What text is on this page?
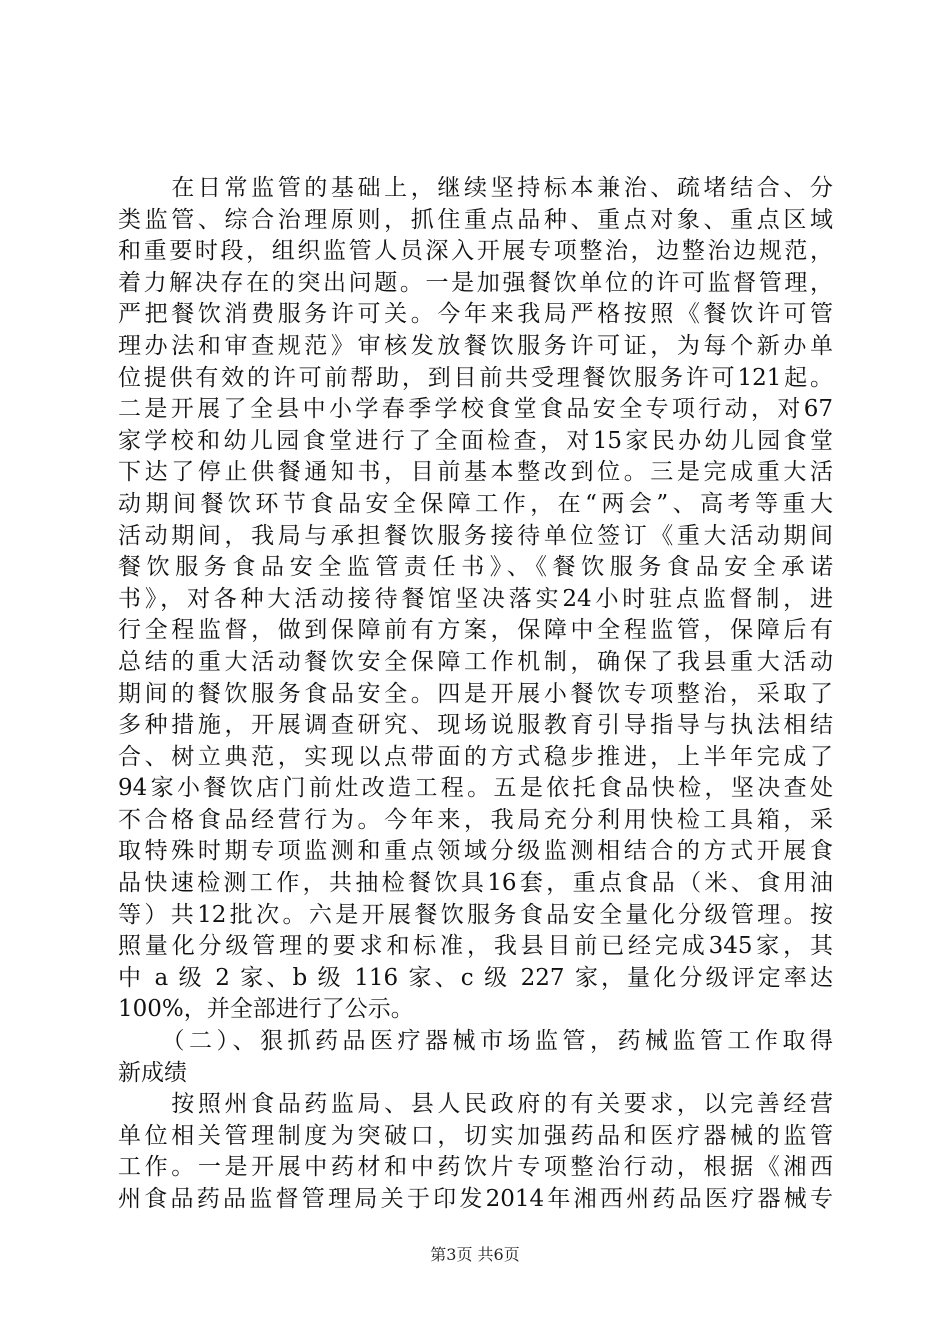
　　在日常监管的基础上，继续坚持标本兼治、疏堵结合、分
类监管、综合治理原则，抓住重点品种、重点对象、重点区域
和重要时段，组织监管人员深入开展专项整治，边整治边规范，
着力解决存在的突出问题。一是加强餐饮单位的许可监督管理，
严把餐饮消费服务许可关。今年来我局严格按照《餐饮许可管
理办法和审查规范》审核发放餐饮服务许可证，为每个新办单
位提供有效的许可前帮助，到目前共受理餐饮服务许可121起。
二是开展了全县中小学春季学校食堂食品安全专项行动，对67
家学校和幼儿园食堂进行了全面检查，对15家民办幼儿园食堂
下达了停止供餐通知书，目前基本整改到位。三是完成重大活
动期间餐饮环节食品安全保障工作，在“两会”、高考等重大
活动期间，我局与承担餐饮服务接待单位签订《重大活动期间
餐饮服务食品安全监管责任书》、《餐饮服务食品安全承诺
书》，对各种大活动接待餐馆坚决落实24小时驻点监督制，进
行全程监督，做到保障前有方案，保障中全程监管，保障后有
总结的重大活动餐饮安全保障工作机制，确保了我县重大活动
期间的餐饮服务食品安全。四是开展小餐饮专项整治，采取了
多种措施，开展调查研究、现场说服教育引导指导与执法相结
合、树立典范，实现以点带面的方式稳步推进，上半年完成了
94家小餐饮店门前灶改造工程。五是依托食品快检，坚决查处
不合格食品经营行为。今年来，我局充分利用快检工具箱，采
取特殊时期专项监测和重点领域分级监测相结合的方式开展食
品快速检测工作，共抽检餐饮具16套，重点食品（米、食用油
等）共12批次。六是开展餐饮服务食品安全量化分级管理。按
照量化分级管理的要求和标准，我县目前已经完成345家，其
中 a 级 2 家、b 级 116 家、c 级 227 家，量化分级评定率达
100%，并全部进行了公示。
　　（二）、狠抓药品医疗器械市场监管，药械监管工作取得
新成绩
　　按照州食品药监局、县人民政府的有关要求，以完善经营
单位相关管理制度为突破口，切实加强药品和医疗器械的监管
工作。一是开展中药材和中药饮片专项整治行动，根据《湘西
州食品药品监督管理局关于印发2014年湘西州药品医疗器械专
第3页 共6页
